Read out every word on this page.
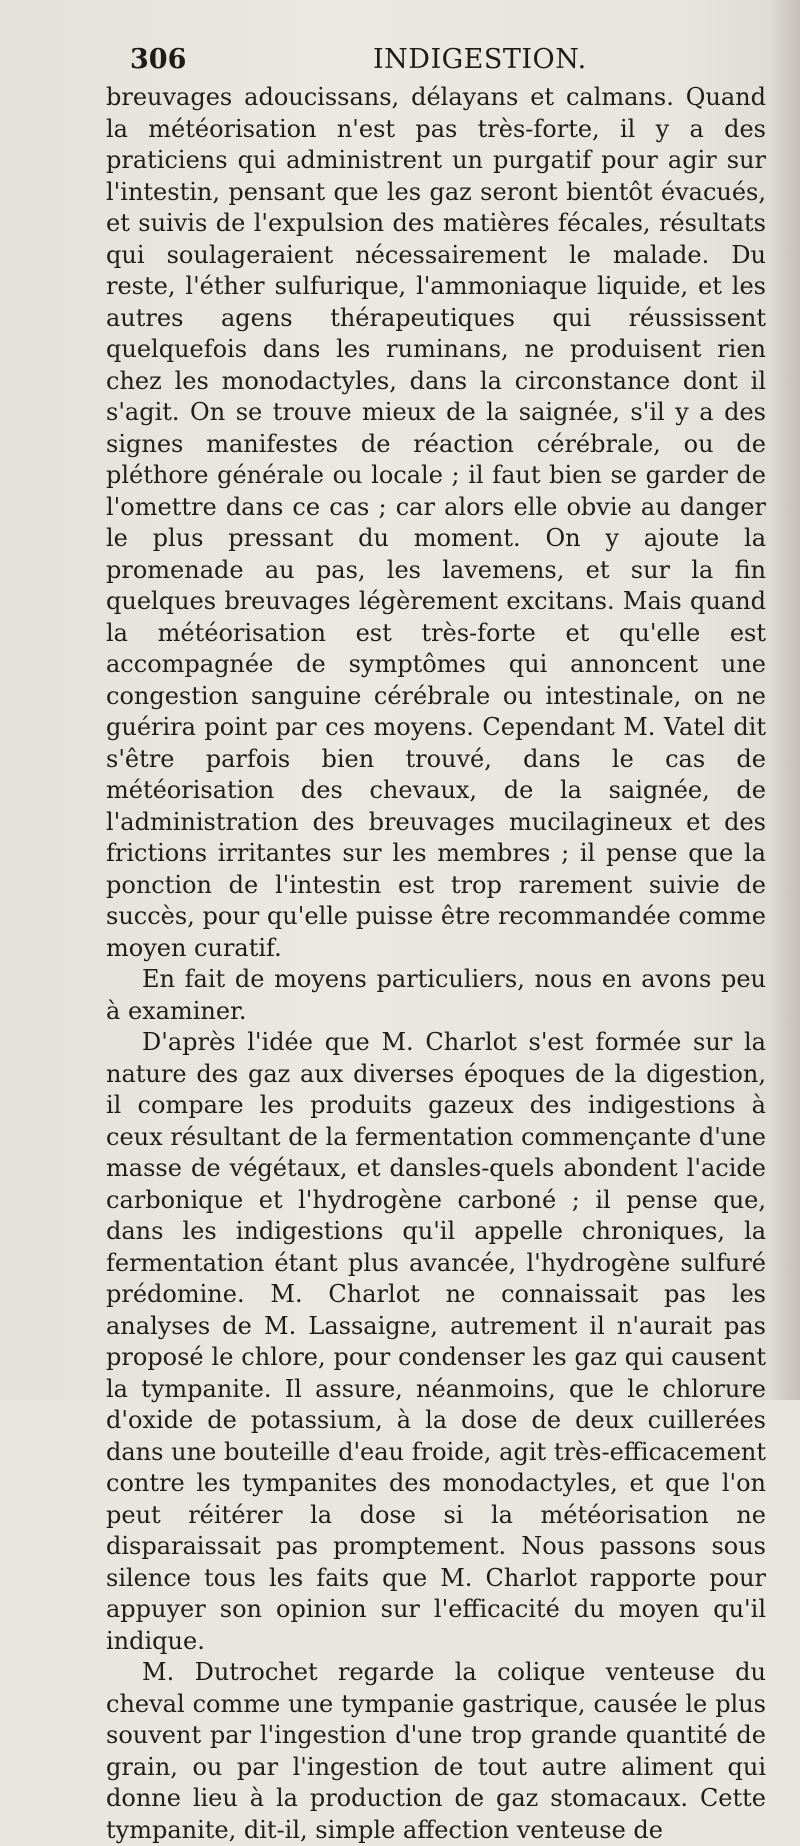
306	INDIGESTION.

breuvages adoucissans, délayans et calmans. Quand la météorisation n'est pas très-forte, il y a des praticiens qui administrent un purgatif pour agir sur l'intestin, pensant que les gaz seront bientôt évacués, et suivis de l'expulsion des matières fécales, résultats qui soulageraient nécessairement le malade. Du reste, l'éther sulfurique, l'ammoniaque liquide, et les autres agens thérapeutiques qui réussissent quelquefois dans les ruminans, ne produisent rien chez les monodactyles, dans la circonstance dont il s'agit. On se trouve mieux de la saignée, s'il y a des signes manifestes de réaction cérébrale, ou de pléthore générale ou locale ; il faut bien se garder de l'omettre dans ce cas ; car alors elle obvie au danger le plus pressant du moment. On y ajoute la promenade au pas, les lavemens, et sur la fin quelques breuvages légèrement excitans. Mais quand la météorisation est très-forte et qu'elle est accompagnée de symptômes qui annoncent une congestion sanguine cérébrale ou intestinale, on ne guérira point par ces moyens. Cependant M. Vatel dit s'être parfois bien trouvé, dans le cas de météorisation des chevaux, de la saignée, de l'administration des breuvages mucilagineux et des frictions irritantes sur les membres ; il pense que la ponction de l'intestin est trop rarement suivie de succès, pour qu'elle puisse être recommandée comme moyen curatif.

En fait de moyens particuliers, nous en avons peu à examiner.

D'après l'idée que M. Charlot s'est formée sur la nature des gaz aux diverses époques de la digestion, il compare les produits gazeux des indigestions à ceux résultant de la fermentation commençante d'une masse de végétaux, et dansles-quels abondent l'acide carbonique et l'hydrogène carboné ; il pense que, dans les indigestions qu'il appelle chroniques, la fermentation étant plus avancée, l'hydrogène sulfuré prédomine. M. Charlot ne connaissait pas les analyses de M. Lassaigne, autrement il n'aurait pas proposé le chlore, pour condenser les gaz qui causent la tympanite. Il assure, néanmoins, que le chlorure d'oxide de potassium, à la dose de deux cuillerées dans une bouteille d'eau froide, agit très-efficacement contre les tympanites des monodactyles, et que l'on peut réitérer la dose si la météorisation ne disparaissait pas promptement. Nous passons sous silence tous les faits que M. Charlot rapporte pour appuyer son opinion sur l'efficacité du moyen qu'il indique.

M. Dutrochet regarde la colique venteuse du cheval comme une tympanie gastrique, causée le plus souvent par l'ingestion d'une trop grande quantité de grain, ou par l'ingestion de tout autre aliment qui donne lieu à la production de gaz stomacaux. Cette tympanite, dit-il, simple affection venteuse de
